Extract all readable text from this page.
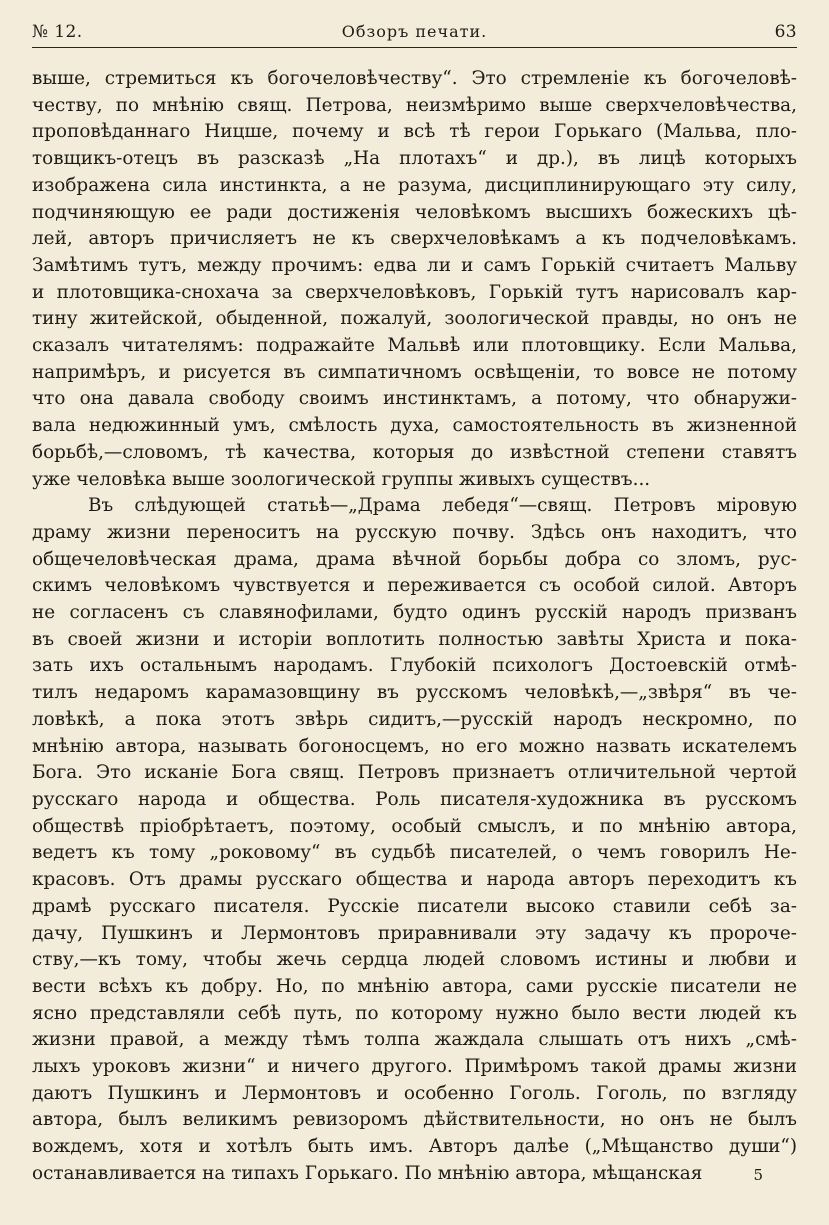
№ 12.	Обзоръ печати.	63
выше, стремиться къ богочеловѣчеству“. Это стремленіе къ богочеловѣ-
честву, по мнѣнію свящ. Петрова, неизмѣримо выше сверхчеловѣчества,
проповѣданнаго Ницше, почему и всѣ тѣ герои Горькаго (Мальва, пло-
товщикъ-отецъ въ разсказѣ „На плотахъ“ и др.), въ лицѣ которыхъ
изображена сила инстинкта, а не разума, дисциплинирующаго эту силу,
подчиняющую ее ради достиженія человѣкомъ высшихъ божескихъ цѣ-
лей, авторъ причисляетъ не къ сверхчеловѣкамъ а къ подчеловѣкамъ.
Замѣтимъ тутъ, между прочимъ: едва ли и самъ Горькій считаетъ Мальву
и плотовщика-снохача за сверхчеловѣковъ, Горькій тутъ нарисовалъ кар-
тину житейской, обыденной, пожалуй, зоологической правды, но онъ не
сказалъ читателямъ: подражайте Мальвѣ или плотовщику. Если Мальва,
напримѣръ, и рисуется въ симпатичномъ освѣщеніи, то вовсе не потому
что она давала свободу своимъ инстинктамъ, а потому, что обнаружи-
вала недюжинный умъ, смѣлость духа, самостоятельность въ жизненной
борьбѣ,—словомъ, тѣ качества, которыя до извѣстной степени ставятъ
уже человѣка выше зоологической группы живыхъ существъ...
Въ слѣдующей статьѣ—„Драма лебедя“—свящ. Петровъ міровую
драму жизни переноситъ на русскую почву. Здѣсь онъ находитъ, что
общечеловѣческая драма, драма вѣчной борьбы добра со зломъ, рус-
скимъ человѣкомъ чувствуется и переживается съ особой силой. Авторъ
не согласенъ съ славянофилами, будто одинъ русскій народъ призванъ
въ своей жизни и исторіи воплотить полностью завѣты Христа и пока-
зать ихъ остальнымъ народамъ. Глубокій психологъ Достоевскій отмѣ-
тилъ недаромъ карамазовщину въ русскомъ человѣкѣ,—„звѣря“ въ че-
ловѣкѣ, а пока этотъ звѣрь сидитъ,—русскій народъ нескромно, по
мнѣнію автора, называть богоносцемъ, но его можно назвать искателемъ
Бога. Это исканіе Бога свящ. Петровъ признаетъ отличительной чертой
русскаго народа и общества. Роль писателя-художника въ русскомъ
обществѣ пріобрѣтаетъ, поэтому, особый смыслъ, и по мнѣнію автора,
ведетъ къ тому „роковому“ въ судьбѣ писателей, о чемъ говорилъ Не-
красовъ. Отъ драмы русскаго общества и народа авторъ переходитъ къ
драмѣ русскаго писателя. Русскіе писатели высоко ставили себѣ за-
дачу, Пушкинъ и Лермонтовъ приравнивали эту задачу къ пророче-
ству,—къ тому, чтобы жечь сердца людей словомъ истины и любви и
вести всѣхъ къ добру. Но, по мнѣнію автора, сами русскіе писатели не
ясно представляли себѣ путь, по которому нужно было вести людей къ
жизни правой, а между тѣмъ толпа жаждала слышать отъ нихъ „смѣ-
лыхъ уроковъ жизни“ и ничего другого. Примѣромъ такой драмы жизни
даютъ Пушкинъ и Лермонтовъ и особенно Гоголь. Гоголь, по взгляду
автора, былъ великимъ ревизоромъ дѣйствительности, но онъ не былъ
вождемъ, хотя и хотѣлъ быть имъ. Авторъ далѣе („Мѣщанство души“)
останавливается на типахъ Горькаго. По мнѣнію автора, мѣщанская	5
